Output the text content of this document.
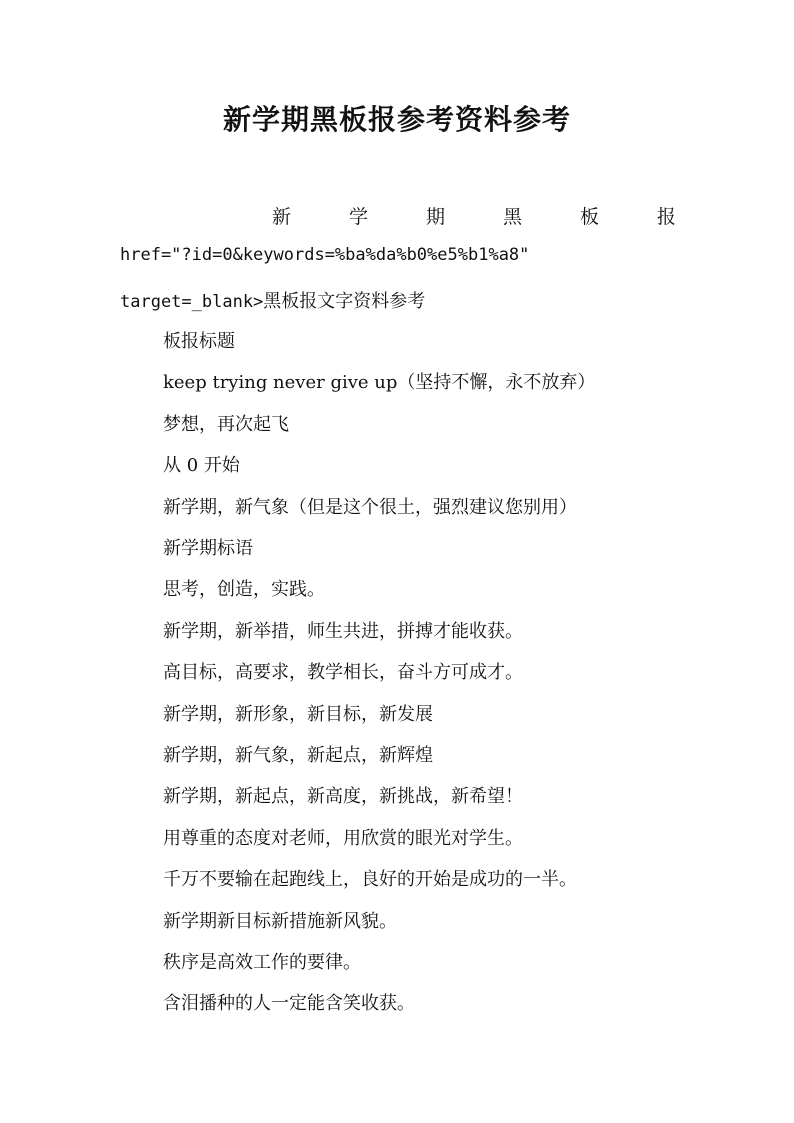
新学期黑板报参考资料参考
新	学	期	黑	板	报
href="?id=0&keywords=%ba%da%b0%e5%b1%a8"
target=_blank>黑板报文字资料参考
板报标题
keep trying never give up（坚持不懈，永不放弃）
梦想，再次起飞
从 0 开始
新学期，新气象（但是这个很土，强烈建议您别用）
新学期标语
思考，创造，实践。
新学期，新举措，师生共进，拼搏才能收获。
高目标，高要求，教学相长，奋斗方可成才。
新学期，新形象，新目标，新发展
新学期，新气象，新起点，新辉煌
新学期，新起点，新高度，新挑战，新希望！
用尊重的态度对老师，用欣赏的眼光对学生。
千万不要输在起跑线上，良好的开始是成功的一半。
新学期新目标新措施新风貌。
秩序是高效工作的要律。
含泪播种的人一定能含笑收获。
